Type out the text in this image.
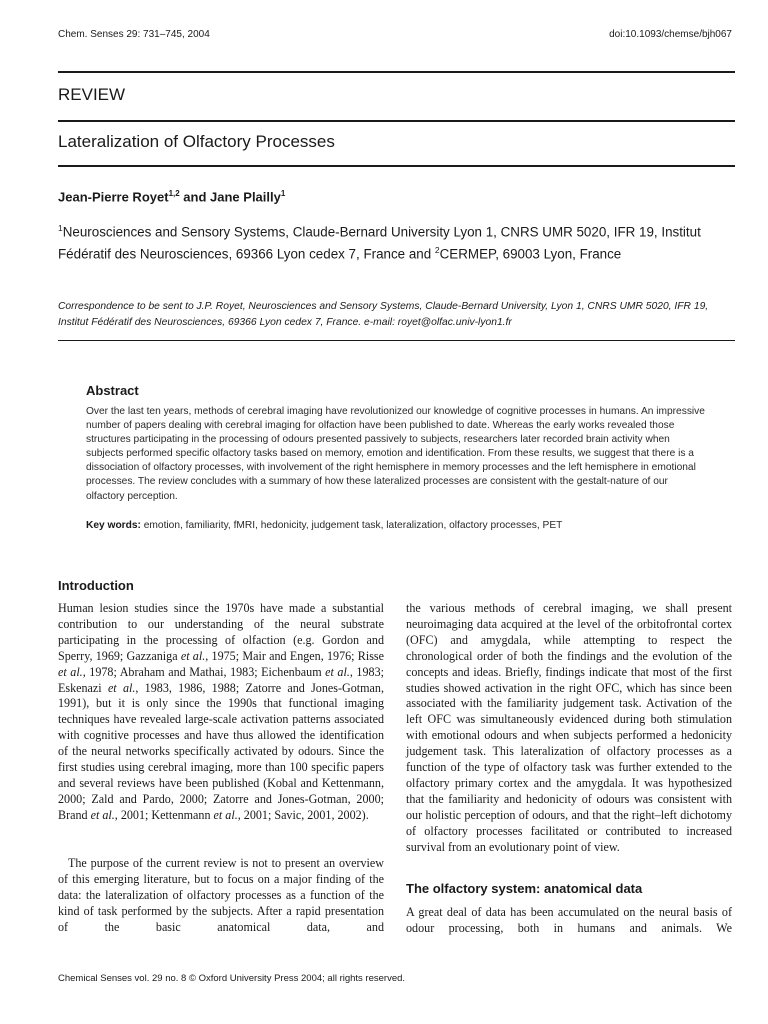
Chem. Senses 29: 731–745, 2004	doi:10.1093/chemse/bjh067
REVIEW
Lateralization of Olfactory Processes
Jean-Pierre Royet$^{1,2}$ and Jane Plailly$^1$
$^1$Neurosciences and Sensory Systems, Claude-Bernard University Lyon 1, CNRS UMR 5020, IFR 19, Institut Fédératif des Neurosciences, 69366 Lyon cedex 7, France and $^2$CERMEP, 69003 Lyon, France
Correspondence to be sent to J.P. Royet, Neurosciences and Sensory Systems, Claude-Bernard University, Lyon 1, CNRS UMR 5020, IFR 19, Institut Fédératif des Neurosciences, 69366 Lyon cedex 7, France. e-mail: royet@olfac.univ-lyon1.fr
Abstract
Over the last ten years, methods of cerebral imaging have revolutionized our knowledge of cognitive processes in humans. An impressive number of papers dealing with cerebral imaging for olfaction have been published to date. Whereas the early works revealed those structures participating in the processing of odours presented passively to subjects, researchers later recorded brain activity when subjects performed specific olfactory tasks based on memory, emotion and identification. From these results, we suggest that there is a dissociation of olfactory processes, with involvement of the right hemisphere in memory processes and the left hemisphere in emotional processes. The review concludes with a summary of how these lateralized processes are consistent with the gestalt-nature of our olfactory perception.
Key words: emotion, familiarity, fMRI, hedonicity, judgement task, lateralization, olfactory processes, PET
Introduction

Human lesion studies since the 1970s have made a substantial contribution to our understanding of the neural substrate participating in the processing of olfaction (e.g. Gordon and Sperry, 1969; Gazzaniga et al., 1975; Mair and Engen, 1976; Risse et al., 1978; Abraham and Mathai, 1983; Eichenbaum et al., 1983; Eskenazi et al., 1983, 1986, 1988; Zatorre and Jones-Gotman, 1991), but it is only since the 1990s that functional imaging techniques have revealed large-scale activation patterns associated with cognitive processes and have thus allowed the identification of the neural networks specifically activated by odours. Since the first studies using cerebral imaging, more than 100 specific papers and several reviews have been published (Kobal and Kettenmann, 2000; Zald and Pardo, 2000; Zatorre and Jones-Gotman, 2000; Brand et al., 2001; Kettenmann et al., 2001; Savic, 2001, 2002).

The purpose of the current review is not to present an overview of this emerging literature, but to focus on a major finding of the data: the lateralization of olfactory processes as a function of the kind of task performed by the subjects. After a rapid presentation of the basic anatomical data, and

the various methods of cerebral imaging, we shall present neuroimaging data acquired at the level of the orbitofrontal cortex (OFC) and amygdala, while attempting to respect the chronological order of both the findings and the evolution of the concepts and ideas. Briefly, findings indicate that most of the first studies showed activation in the right OFC, which has since been associated with the familiarity judgement task. Activation of the left OFC was simultaneously evidenced during both stimulation with emotional odours and when subjects performed a hedonicity judgement task. This lateralization of olfactory processes as a function of the type of olfactory task was further extended to the olfactory primary cortex and the amygdala. It was hypothesized that the familiarity and hedonicity of odours was consistent with our holistic perception of odours, and that the right–left dichotomy of olfactory processes facilitated or contributed to increased survival from an evolutionary point of view.

The olfactory system: anatomical data

A great deal of data has been accumulated on the neural basis of odour processing, both in humans and animals. We

Chemical Senses vol. 29 no. 8 © Oxford University Press 2004; all rights reserved.
